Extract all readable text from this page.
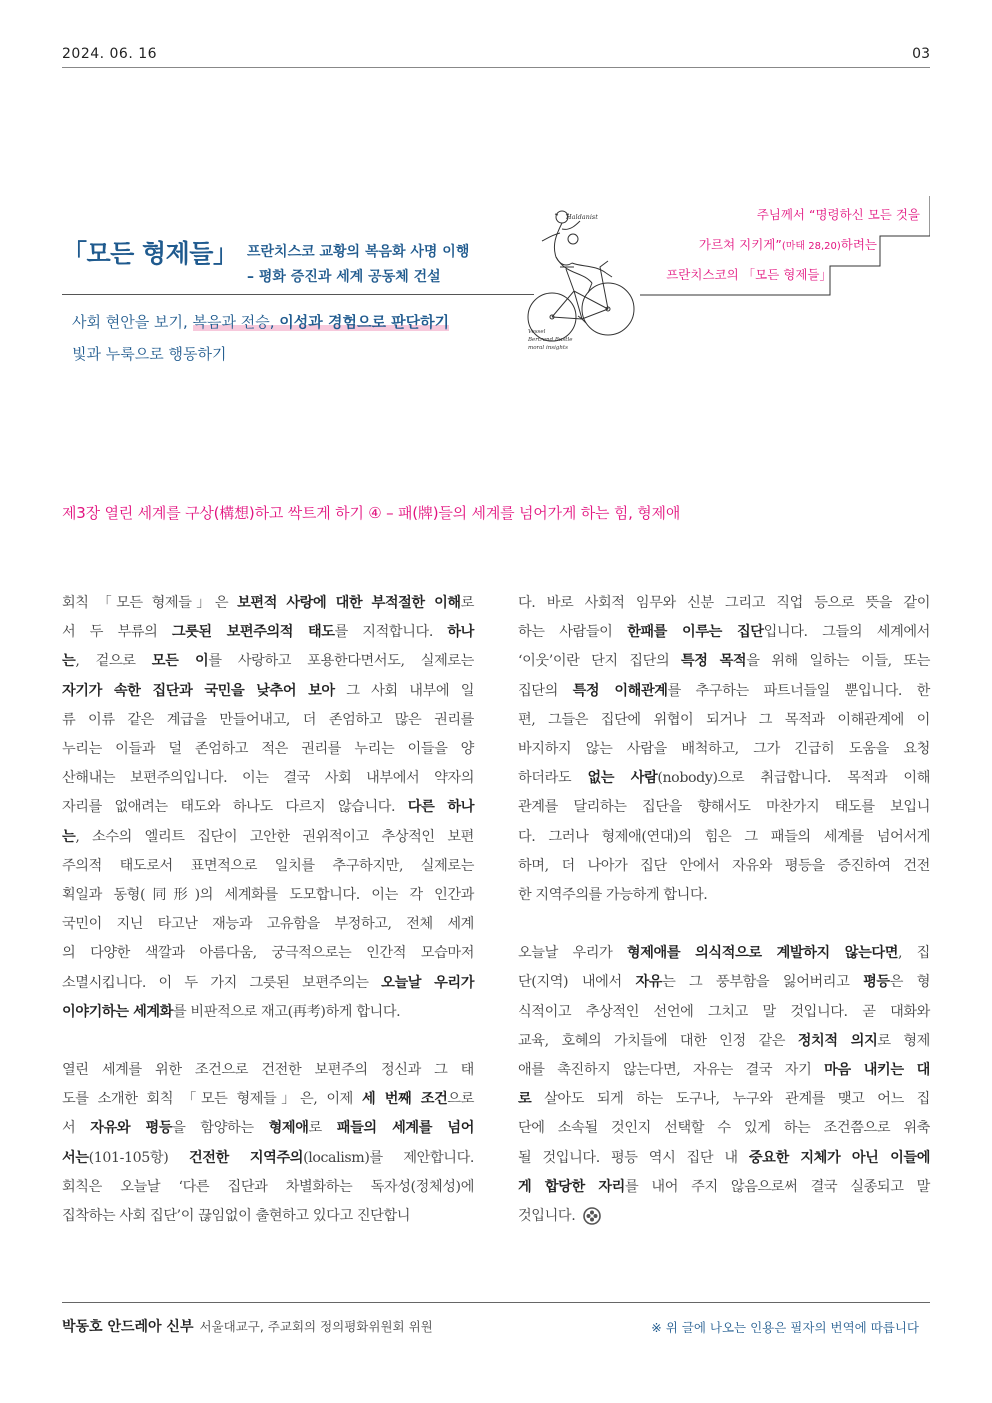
2024. 06. 16	03
「모든 형제들」 프란치스코 교황의 복음화 사명 이행
– 평화 증진과 세계 공동체 건설
사회 현안을 보기, 복음과 전승, 이성과 경험으로 판단하기
빛과 누룩으로 행동하기
주님께서 “명령하신 모든 것을
가르쳐 지키게”(마태 28,20)하려는
프란치스코의 「모든 형제들」
Haldanist
Vessel
Bertrand Bustle
moral insights
제3장 열린 세계를 구상(構想)하고 싹트게 하기 ④ – 패(牌)들의 세계를 넘어가게 하는 힘, 형제애

회칙 「모든 형제들」은 보편적 사랑에 대한 부적절한 이해로
서 두 부류의 그릇된 보편주의적 태도를 지적합니다. 하나
는, 겉으로 모든 이를 사랑하고 포용한다면서도, 실제로는
자기가 속한 집단과 국민을 낮추어 보아 그 사회 내부에 일
류 이류 같은 계급을 만들어내고, 더 존엄하고 많은 권리를
누리는 이들과 덜 존엄하고 적은 권리를 누리는 이들을 양
산해내는 보편주의입니다. 이는 결국 사회 내부에서 약자의
자리를 없애려는 태도와 하나도 다르지 않습니다. 다른 하나
는, 소수의 엘리트 집단이 고안한 권위적이고 추상적인 보편
주의적 태도로서 표면적으로 일치를 추구하지만, 실제로는
획일과 동형(同形)의 세계화를 도모합니다. 이는 각 인간과
국민이 지닌 타고난 재능과 고유함을 부정하고, 전체 세계
의 다양한 색깔과 아름다움, 궁극적으로는 인간적 모습마저
소멸시킵니다. 이 두 가지 그릇된 보편주의는 오늘날 우리가
이야기하는 세계화를 비판적으로 재고(再考)하게 합니다.

열린 세계를 위한 조건으로 건전한 보편주의 정신과 그 태
도를 소개한 회칙 「모든 형제들」은, 이제 세 번째 조건으로
서 자유와 평등을 함양하는 형제애로 패들의 세계를 넘어
서는(101-105항) 건전한 지역주의(localism)를 제안합니다.
회칙은 오늘날 ‘다른 집단과 차별화하는 독자성(정체성)에
집착하는 사회 집단’이 끊임없이 출현하고 있다고 진단합니

다. 바로 사회적 임무와 신분 그리고 직업 등으로 뜻을 같이
하는 사람들이 한패를 이루는 집단입니다. 그들의 세계에서
‘이웃’이란 단지 집단의 특정 목적을 위해 일하는 이들, 또는
집단의 특정 이해관계를 추구하는 파트너들일 뿐입니다. 한
편, 그들은 집단에 위협이 되거나 그 목적과 이해관계에 이
바지하지 않는 사람을 배척하고, 그가 긴급히 도움을 요청
하더라도 없는 사람(nobody)으로 취급합니다. 목적과 이해
관계를 달리하는 집단을 향해서도 마찬가지 태도를 보입니
다. 그러나 형제애(연대)의 힘은 그 패들의 세계를 넘어서게
하며, 더 나아가 집단 안에서 자유와 평등을 증진하여 건전
한 지역주의를 가능하게 합니다.

오늘날 우리가 형제애를 의식적으로 계발하지 않는다면, 집
단(지역) 내에서 자유는 그 풍부함을 잃어버리고 평등은 형
식적이고 추상적인 선언에 그치고 말 것입니다. 곧 대화와
교육, 호혜의 가치들에 대한 인정 같은 정치적 의지로 형제
애를 촉진하지 않는다면, 자유는 결국 자기 마음 내키는 대
로 살아도 되게 하는 도구나, 누구와 관계를 맺고 어느 집
단에 소속될 것인지 선택할 수 있게 하는 조건쯤으로 위축
될 것입니다. 평등 역시 집단 내 중요한 지체가 아닌 이들에
게 합당한 자리를 내어 주지 않음으로써 결국 실종되고 말
것입니다.

박동호 안드레아 신부 서울대교구, 주교회의 정의평화위원회 위원	※ 위 글에 나오는 인용은 필자의 번역에 따릅니다
